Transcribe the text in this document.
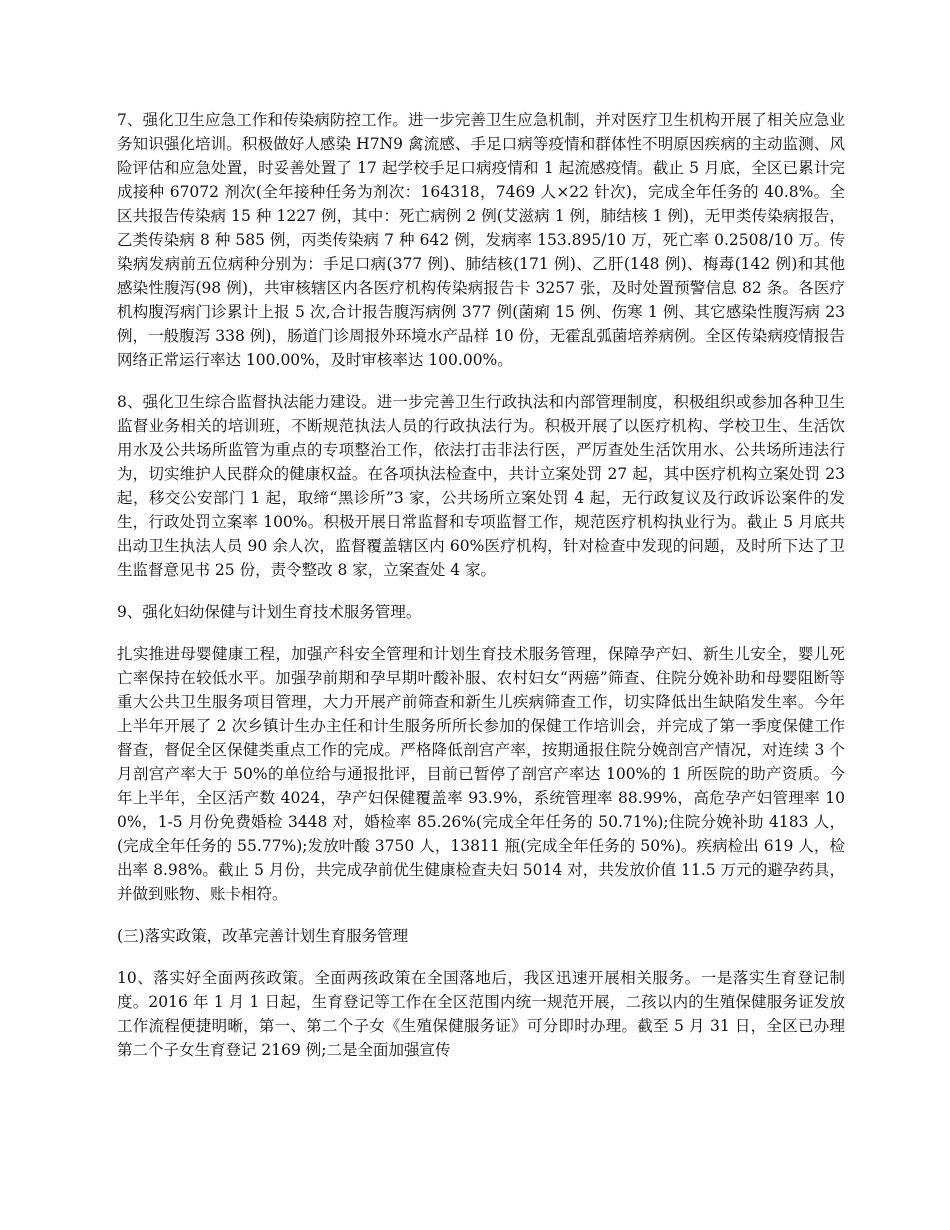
7、强化卫生应急工作和传染病防控工作。进一步完善卫生应急机制，并对医疗卫生机构开展了相关应急业务知识强化培训。积极做好人感染 H7N9 禽流感、手足口病等疫情和群体性不明原因疾病的主动监测、风险评估和应急处置，时妥善处置了 17 起学校手足口病疫情和 1 起流感疫情。截止 5 月底，全区已累计完成接种 67072 剂次(全年接种任务为剂次：164318，7469 人×22 针次)，完成全年任务的 40.8%。全区共报告传染病 15 种 1227 例，其中：死亡病例 2 例(艾滋病 1 例，肺结核 1 例)，无甲类传染病报告，乙类传染病 8 种 585 例，丙类传染病 7 种 642 例，发病率 153.895/10 万，死亡率 0.2508/10 万。传染病发病前五位病种分别为：手足口病(377 例)、肺结核(171 例)、乙肝(148 例)、梅毒(142 例)和其他感染性腹泻(98 例)，共审核辖区内各医疗机构传染病报告卡 3257 张，及时处置预警信息 82 条。各医疗机构腹泻病门诊累计上报 5 次,合计报告腹泻病例 377 例(菌痢 15 例、伤寒 1 例、其它感染性腹泻病 23 例，一般腹泻 338 例)，肠道门诊周报外环境水产品样 10 份，无霍乱弧菌培养病例。全区传染病疫情报告网络正常运行率达 100.00%，及时审核率达 100.00%。

8、强化卫生综合监督执法能力建设。进一步完善卫生行政执法和内部管理制度，积极组织或参加各种卫生监督业务相关的培训班，不断规范执法人员的行政执法行为。积极开展了以医疗机构、学校卫生、生活饮用水及公共场所监管为重点的专项整治工作，依法打击非法行医，严厉查处生活饮用水、公共场所违法行为，切实维护人民群众的健康权益。在各项执法检查中，共计立案处罚 27 起，其中医疗机构立案处罚 23 起，移交公安部门 1 起，取缔“黑诊所”3 家，公共场所立案处罚 4 起，无行政复议及行政诉讼案件的发生，行政处罚立案率 100%。积极开展日常监督和专项监督工作，规范医疗机构执业行为。截止 5 月底共出动卫生执法人员 90 余人次，监督覆盖辖区内 60%医疗机构，针对检查中发现的问题，及时所下达了卫生监督意见书 25 份，责令整改 8 家，立案查处 4 家。

9、强化妇幼保健与计划生育技术服务管理。

扎实推进母婴健康工程，加强产科安全管理和计划生育技术服务管理，保障孕产妇、新生儿安全，婴儿死亡率保持在较低水平。加强孕前期和孕早期叶酸补服、农村妇女“两癌”筛查、住院分娩补助和母婴阻断等重大公共卫生服务项目管理，大力开展产前筛查和新生儿疾病筛查工作，切实降低出生缺陷发生率。今年上半年开展了 2 次乡镇计生办主任和计生服务所所长参加的保健工作培训会，并完成了第一季度保健工作督查，督促全区保健类重点工作的完成。严格降低剖宫产率，按期通报住院分娩剖宫产情况，对连续 3 个月剖宫产率大于 50%的单位给与通报批评，目前已暂停了剖宫产率达 100%的 1 所医院的助产资质。今年上半年，全区活产数 4024，孕产妇保健覆盖率 93.9%，系统管理率 88.99%，高危孕产妇管理率 100%，1-5 月份免费婚检 3448 对，婚检率 85.26%(完成全年任务的 50.71%);住院分娩补助 4183 人，(完成全年任务的 55.77%);发放叶酸 3750 人，13811 瓶(完成全年任务的 50%)。疾病检出 619 人，检出率 8.98%。截止 5 月份，共完成孕前优生健康检查夫妇 5014 对，共发放价值 11.5 万元的避孕药具，并做到账物、账卡相符。

(三)落实政策，改革完善计划生育服务管理

10、落实好全面两孩政策。全面两孩政策在全国落地后，我区迅速开展相关服务。一是落实生育登记制度。2016 年 1 月 1 日起，生育登记等工作在全区范围内统一规范开展，二孩以内的生殖保健服务证发放工作流程便捷明晰，第一、第二个子女《生殖保健服务证》可分即时办理。截至 5 月 31 日，全区已办理第二个子女生育登记 2169 例;二是全面加强宣传
